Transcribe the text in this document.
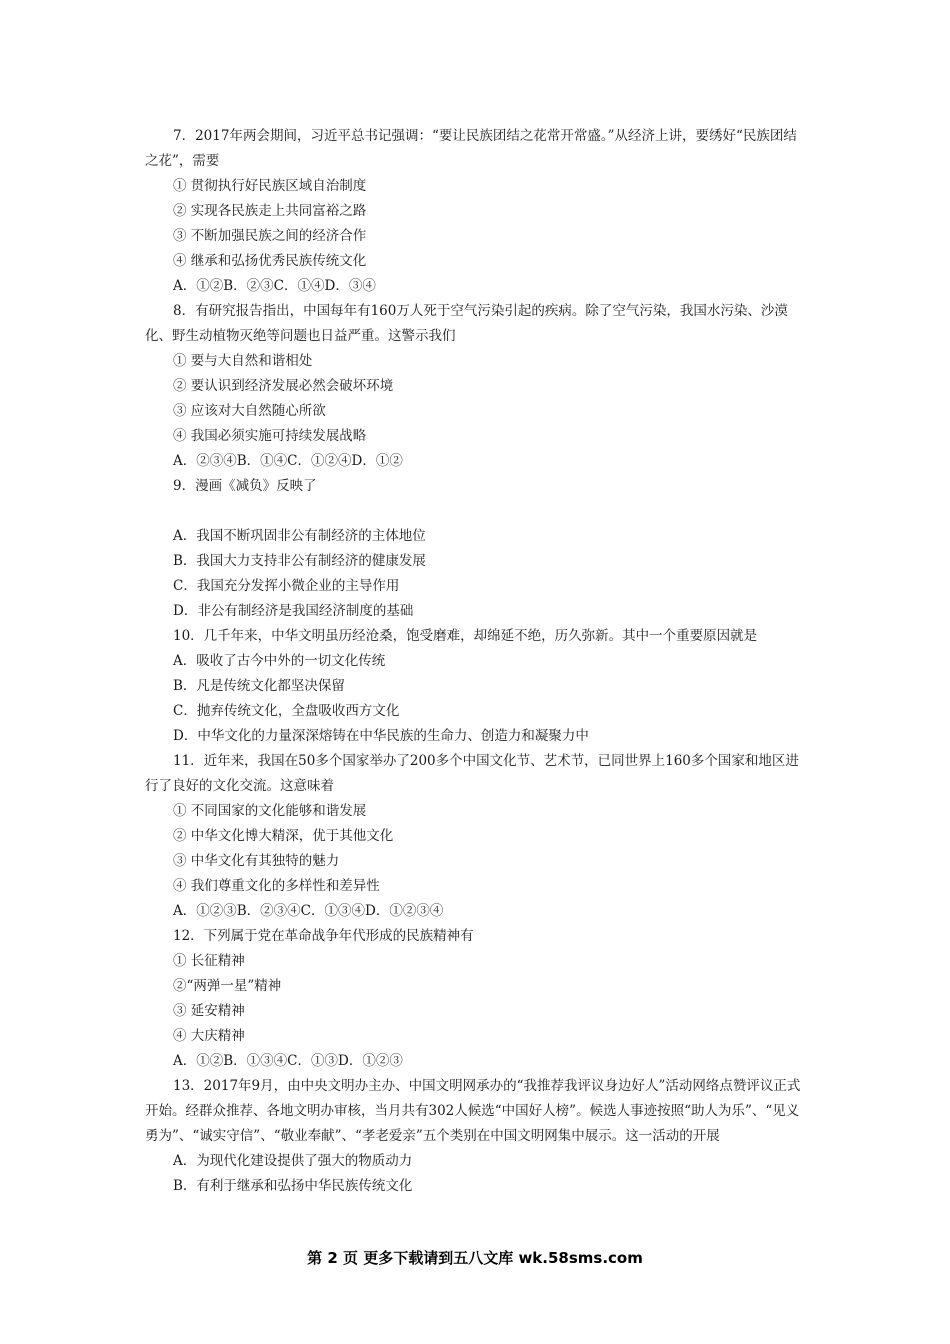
7．2017年两会期间，习近平总书记强调：“要让民族团结之花常开常盛。”从经济上讲，要绣好“民族团结之花”，需要

① 贯彻执行好民族区域自治制度

② 实现各民族走上共同富裕之路

③ 不断加强民族之间的经济合作

④ 继承和弘扬优秀民族传统文化

A．①②B．②③C．①④D．③④

8．有研究报告指出，中国每年有160万人死于空气污染引起的疾病。除了空气污染，我国水污染、沙漠化、野生动植物灭绝等问题也日益严重。这警示我们

① 要与大自然和谐相处

② 要认识到经济发展必然会破坏环境

③ 应该对大自然随心所欲

④ 我国必须实施可持续发展战略

A．②③④B．①④C．①②④D．①②

9．漫画《减负》反映了

A．我国不断巩固非公有制经济的主体地位

B．我国大力支持非公有制经济的健康发展

C．我国充分发挥小微企业的主导作用

D．非公有制经济是我国经济制度的基础

10．几千年来，中华文明虽历经沧桑，饱受磨难，却绵延不绝，历久弥新。其中一个重要原因就是

A．吸收了古今中外的一切文化传统

B．凡是传统文化都坚决保留

C．抛弃传统文化，全盘吸收西方文化

D．中华文化的力量深深熔铸在中华民族的生命力、创造力和凝聚力中

11．近年来，我国在50多个国家举办了200多个中国文化节、艺术节，已同世界上160多个国家和地区进行了良好的文化交流。这意味着

① 不同国家的文化能够和谐发展

② 中华文化博大精深，优于其他文化

③ 中华文化有其独特的魅力

④ 我们尊重文化的多样性和差异性

A．①②③B．②③④C．①③④D．①②③④

12．下列属于党在革命战争年代形成的民族精神有

① 长征精神

②“两弹一星”精神

③ 延安精神

④ 大庆精神

A．①②B．①③④C．①③D．①②③

13．2017年9月，由中央文明办主办、中国文明网承办的“我推荐我评议身边好人”活动网络点赞评议正式开始。经群众推荐、各地文明办审核，当月共有302人候选“中国好人榜”。候选人事迹按照“助人为乐”、“见义勇为”、“诚实守信”、“敬业奉献”、“孝老爱亲”五个类别在中国文明网集中展示。这一活动的开展

A．为现代化建设提供了强大的物质动力

B．有利于继承和弘扬中华民族传统文化

第 2 页 更多下载请到五八文库 wk.58sms.com
